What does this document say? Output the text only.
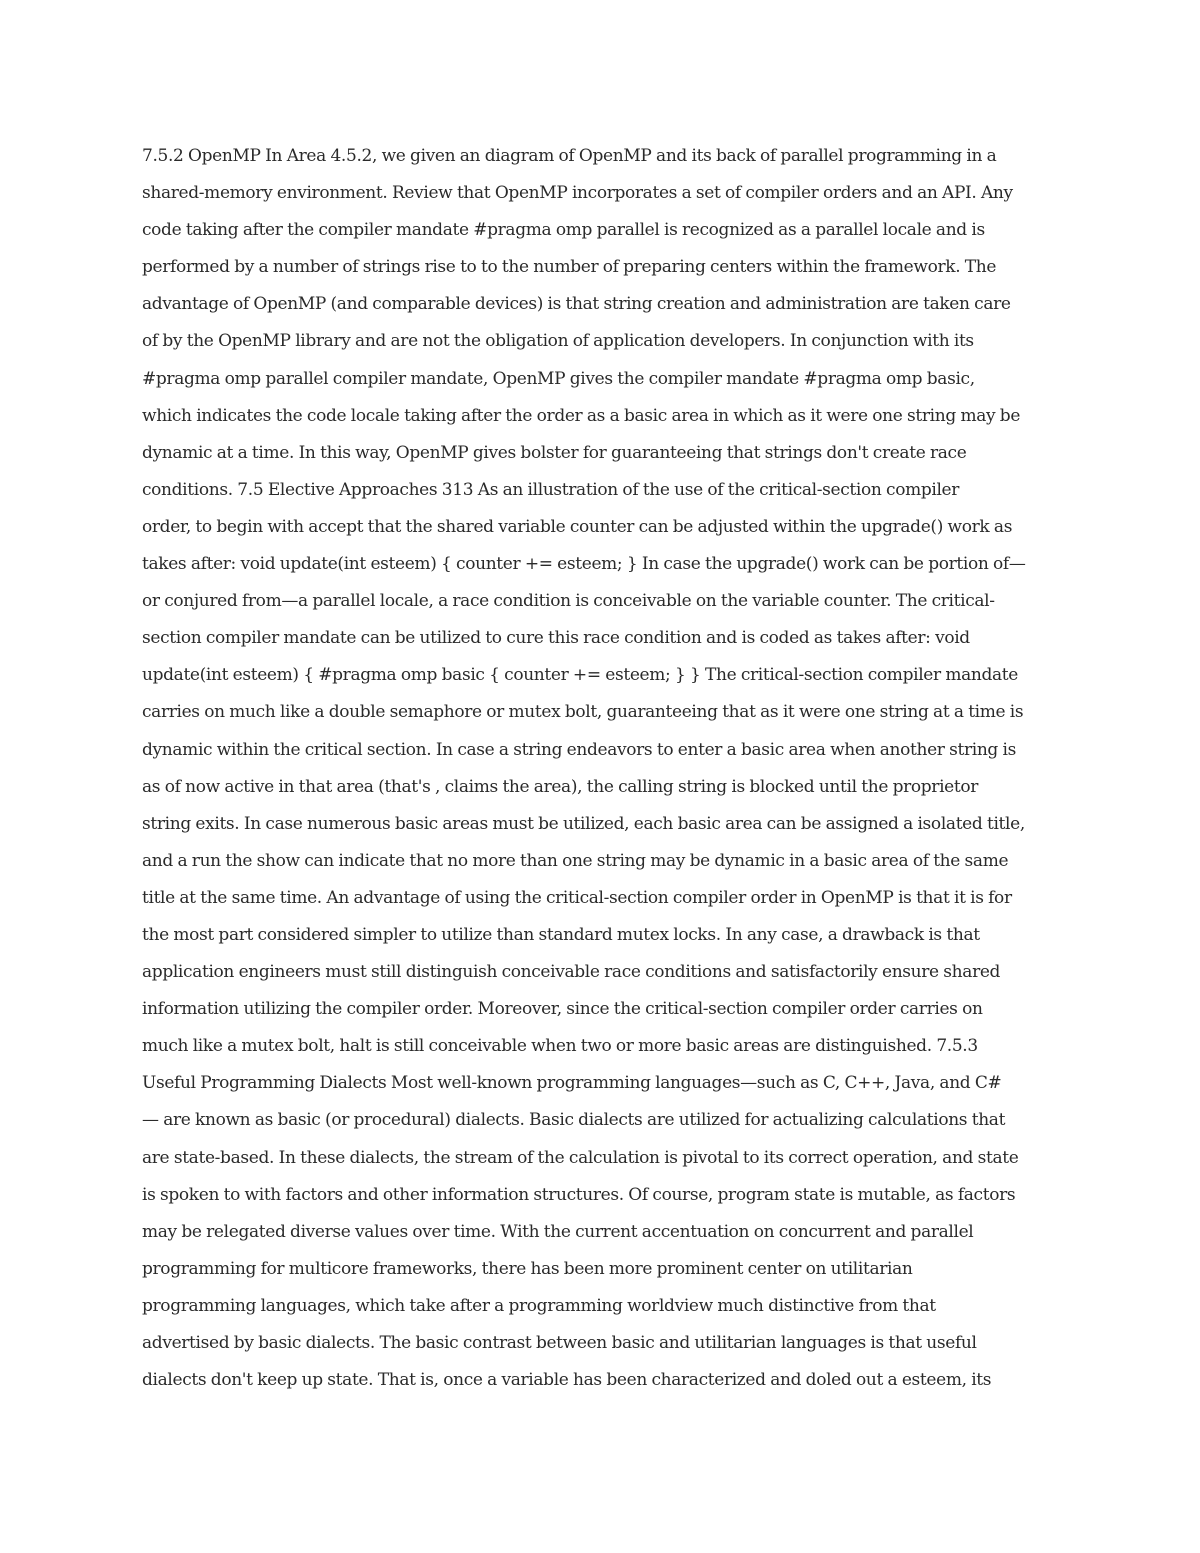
7.5.2 OpenMP In Area 4.5.2, we given an diagram of OpenMP and its back of parallel programming in a
shared-memory environment. Review that OpenMP incorporates a set of compiler orders and an API. Any
code taking after the compiler mandate #pragma omp parallel is recognized as a parallel locale and is
performed by a number of strings rise to to the number of preparing centers within the framework. The
advantage of OpenMP (and comparable devices) is that string creation and administration are taken care
of by the OpenMP library and are not the obligation of application developers. In conjunction with its
#pragma omp parallel compiler mandate, OpenMP gives the compiler mandate #pragma omp basic,
which indicates the code locale taking after the order as a basic area in which as it were one string may be
dynamic at a time. In this way, OpenMP gives bolster for guaranteeing that strings don't create race
conditions. 7.5 Elective Approaches 313 As an illustration of the use of the critical-section compiler
order, to begin with accept that the shared variable counter can be adjusted within the upgrade() work as
takes after: void update(int esteem) { counter += esteem; } In case the upgrade() work can be portion of—
or conjured from—a parallel locale, a race condition is conceivable on the variable counter. The critical-
section compiler mandate can be utilized to cure this race condition and is coded as takes after: void
update(int esteem) { #pragma omp basic { counter += esteem; } } The critical-section compiler mandate
carries on much like a double semaphore or mutex bolt, guaranteeing that as it were one string at a time is
dynamic within the critical section. In case a string endeavors to enter a basic area when another string is
as of now active in that area (that's , claims the area), the calling string is blocked until the proprietor
string exits. In case numerous basic areas must be utilized, each basic area can be assigned a isolated title,
and a run the show can indicate that no more than one string may be dynamic in a basic area of the same
title at the same time. An advantage of using the critical-section compiler order in OpenMP is that it is for
the most part considered simpler to utilize than standard mutex locks. In any case, a drawback is that
application engineers must still distinguish conceivable race conditions and satisfactorily ensure shared
information utilizing the compiler order. Moreover, since the critical-section compiler order carries on
much like a mutex bolt, halt is still conceivable when two or more basic areas are distinguished. 7.5.3
Useful Programming Dialects Most well-known programming languages—such as C, C++, Java, and C#
— are known as basic (or procedural) dialects. Basic dialects are utilized for actualizing calculations that
are state-based. In these dialects, the stream of the calculation is pivotal to its correct operation, and state
is spoken to with factors and other information structures. Of course, program state is mutable, as factors
may be relegated diverse values over time. With the current accentuation on concurrent and parallel
programming for multicore frameworks, there has been more prominent center on utilitarian
programming languages, which take after a programming worldview much distinctive from that
advertised by basic dialects. The basic contrast between basic and utilitarian languages is that useful
dialects don't keep up state. That is, once a variable has been characterized and doled out a esteem, its
